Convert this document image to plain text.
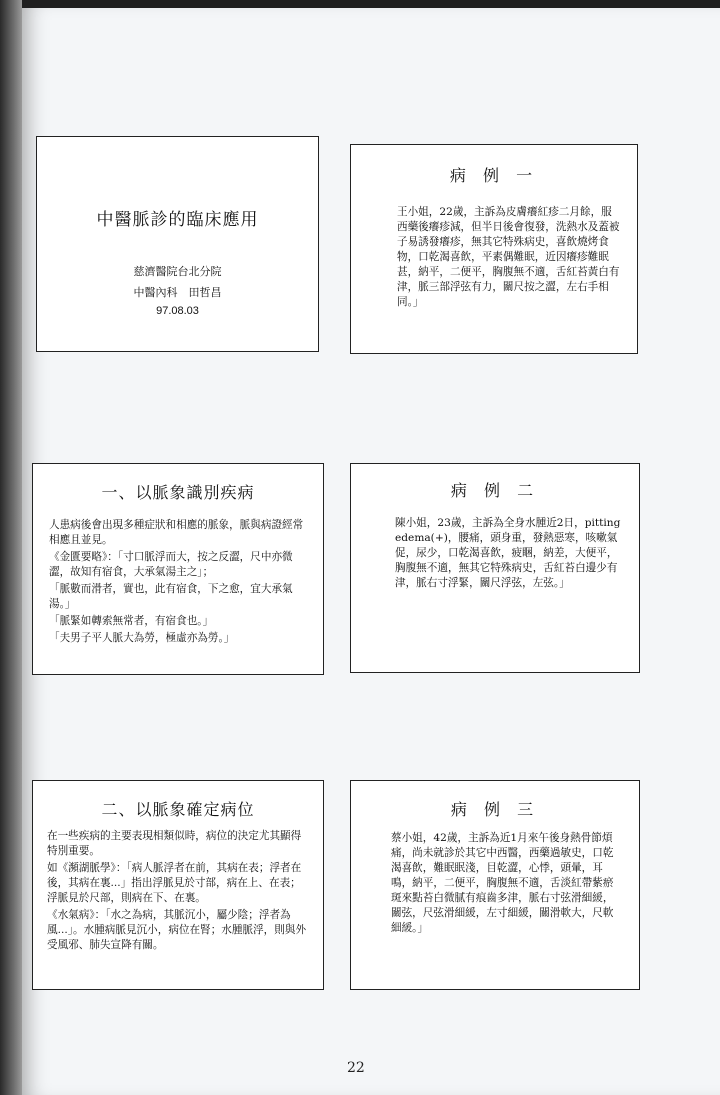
中醫脈診的臨床應用
慈濟醫院台北分院
中醫內科　田哲昌
97.08.03
病 例 一

王小姐，22歲，主訴為皮膚癢紅疹二月餘，服西藥後癢疹減，但半日後會復發，洗熱水及蓋被子易誘發癢疹，無其它特殊病史，喜飲燒烤食物，口乾渴喜飲，平素偶難眠，近因癢疹難眠甚，納平，二便平，胸腹無不適，舌紅苔黃白有津，脈三部浮弦有力，關尺按之澀，左右手相同。」

一、以脈象識別疾病

人患病後會出現多種症狀和相應的脈象，脈與病證經常相應且並見。

《金匱要略》：「寸口脈浮而大，按之反澀，尺中亦微澀，故知有宿食，大承氣湯主之」；

「脈數而滑者，實也，此有宿食，下之愈，宜大承氣湯。」

「脈緊如轉索無常者，有宿食也。」

「夫男子平人脈大為勞，極虛亦為勞。」

病 例 二

陳小姐，23歲，主訴為全身水腫近2日，pitting edema(+)，腰痛，頭身重，發熱惡寒，咳嗽氣促，尿少，口乾渴喜飲，疲睏，納差，大便平，胸腹無不適，無其它特殊病史，舌紅苔白邊少有津，脈右寸浮緊，關尺浮弦，左弦。」

二、以脈象確定病位

在一些疾病的主要表現相類似時，病位的決定尤其顯得特別重要。

如《瀕湖脈學》：「病人脈浮者在前，其病在表；浮者在後，其病在裏...」指出浮脈見於寸部，病在上、在表；浮脈見於尺部，則病在下、在裏。

《水氣病》：「水之為病，其脈沉小，屬少陰；浮者為風...」。水腫病脈見沉小，病位在腎；水腫脈浮，則與外受風邪、肺失宣降有關。

病 例 三

蔡小姐，42歲，主訴為近1月來午後身熱骨節煩痛，尚未就診於其它中西醫，西藥過敏史，口乾渴喜飲，難眠眠淺，目乾澀，心悸，頭暈，耳鳴，納平，二便平，胸腹無不適，舌淡紅帶紫瘀斑來點苔白微膩有痕齒多津，脈右寸弦滑細緩，關弦，尺弦滑細緩，左寸細緩，關滑軟大，尺軟細緩。」

22
